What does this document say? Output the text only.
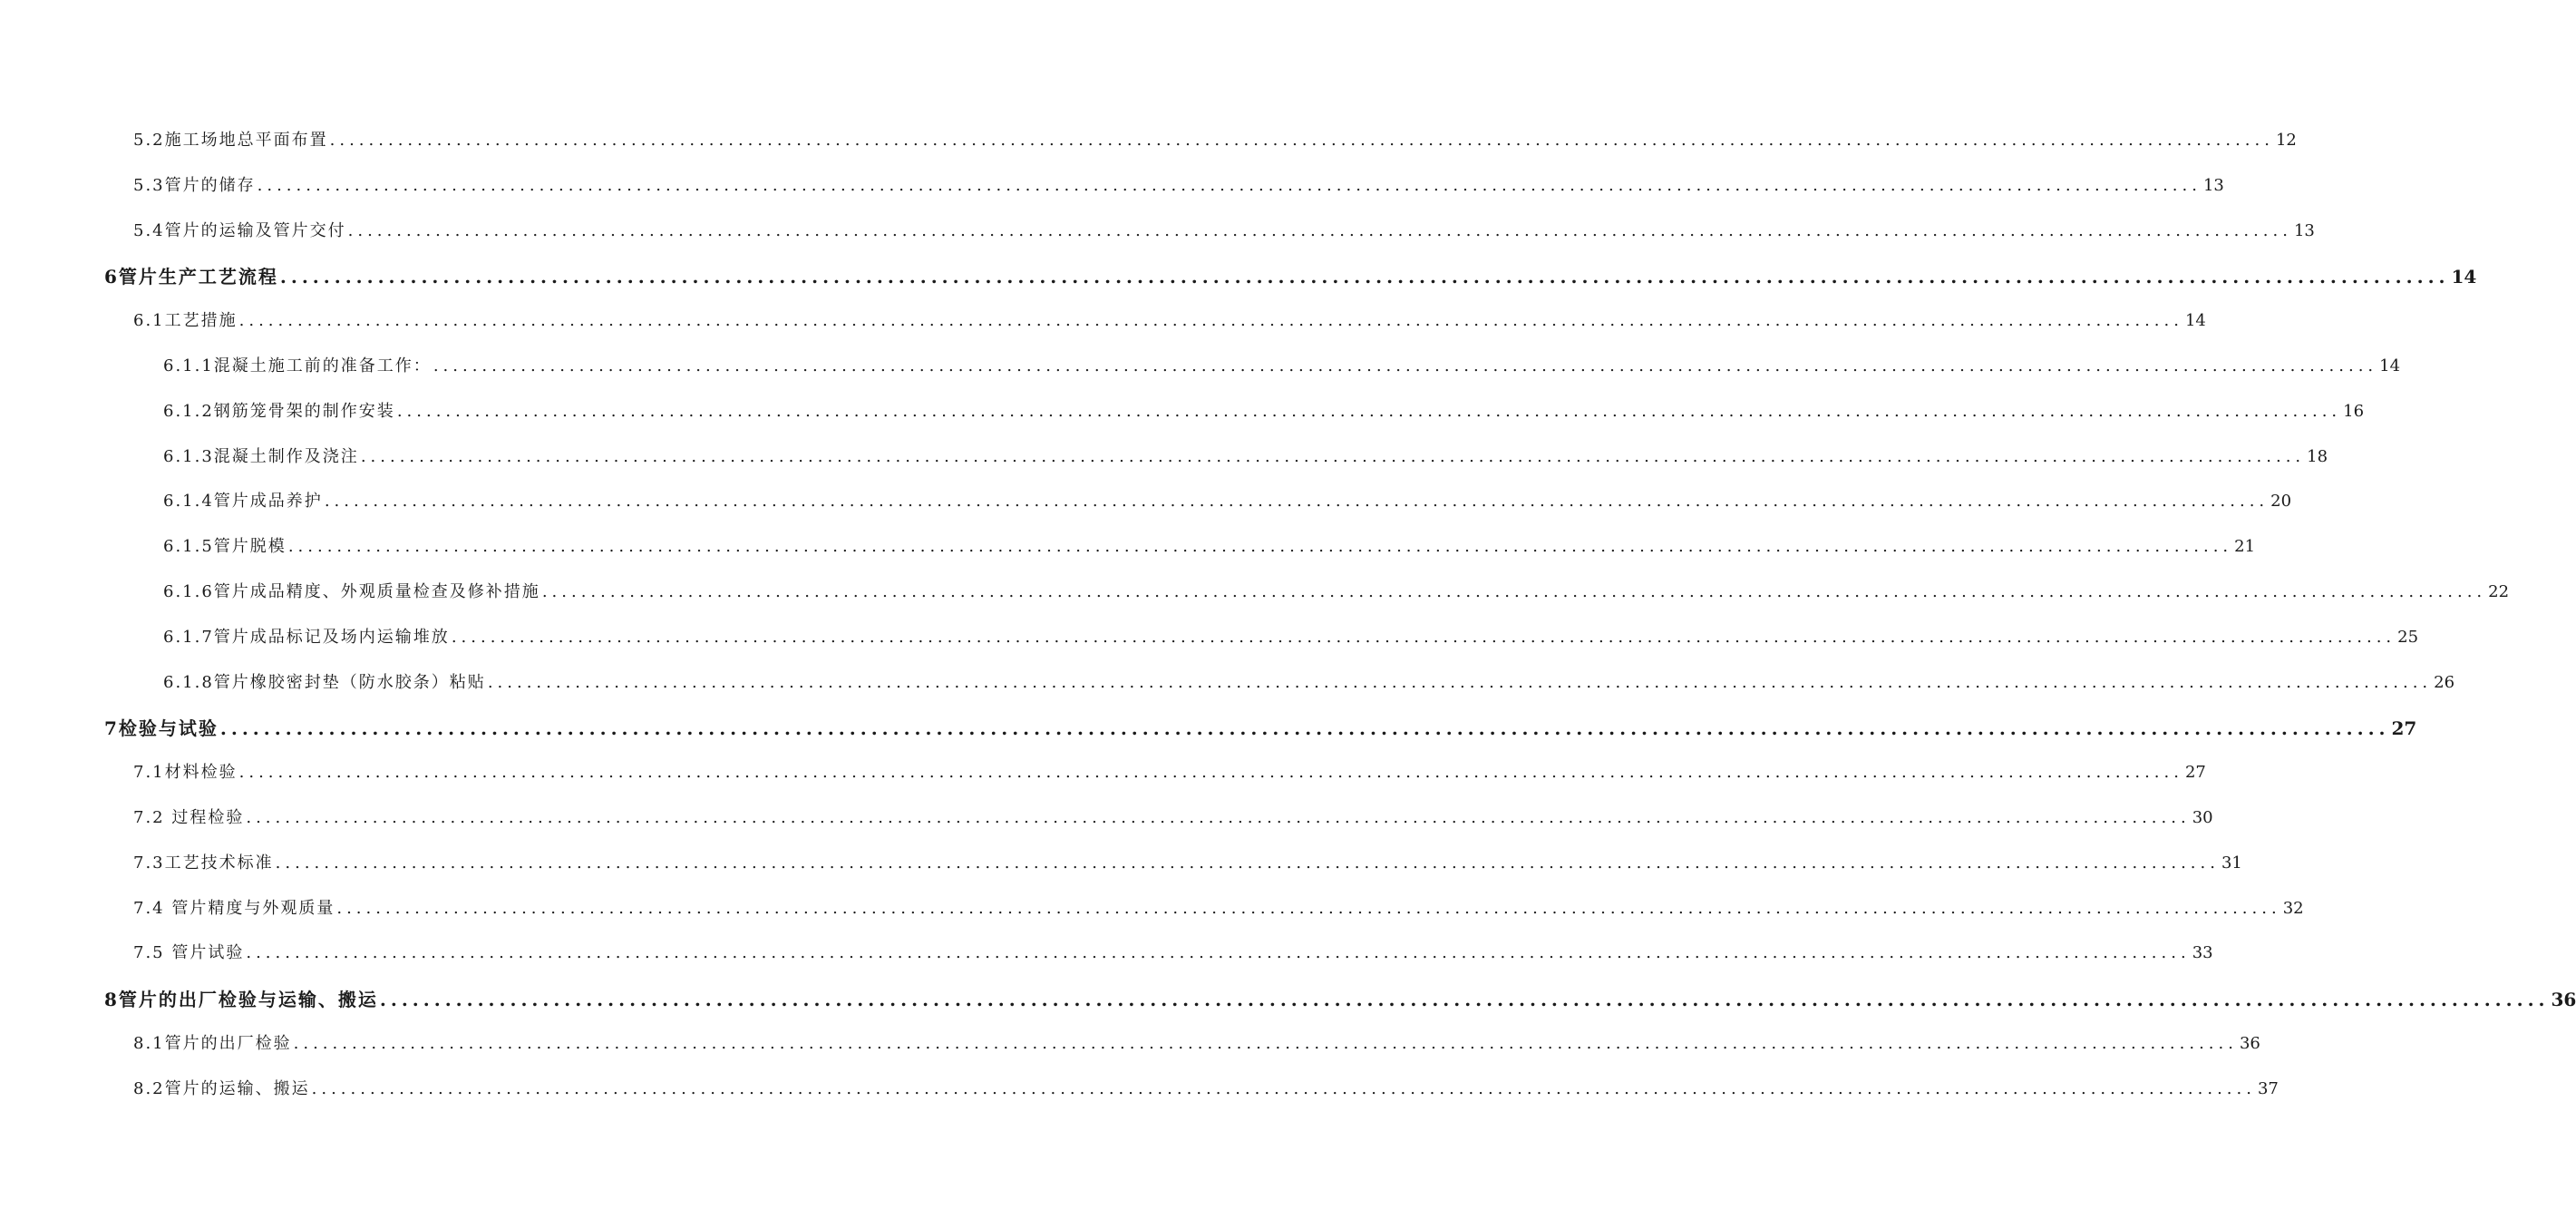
5.2施工场地总平面布置 ........................................................................................................................................................................................................ 12
5.3管片的储存 ........................................................................................................................................................................................................ 13
5.4管片的运输及管片交付 ........................................................................................................................................................................................................ 13
6管片生产工艺流程 ........................................................................................................................................................................................................ 14
6.1工艺措施 ........................................................................................................................................................................................................ 14
6.1.1混凝土施工前的准备工作： ........................................................................................................................................................................................................ 14
6.1.2钢筋笼骨架的制作安装 ........................................................................................................................................................................................................ 16
6.1.3混凝土制作及浇注 ........................................................................................................................................................................................................ 18
6.1.4管片成品养护 ........................................................................................................................................................................................................ 20
6.1.5管片脱模 ........................................................................................................................................................................................................ 21
6.1.6管片成品精度、外观质量检查及修补措施 ........................................................................................................................................................................................................ 22
6.1.7管片成品标记及场内运输堆放 ........................................................................................................................................................................................................ 25
6.1.8管片橡胶密封垫（防水胶条）粘贴 ........................................................................................................................................................................................................ 26
7检验与试验 ........................................................................................................................................................................................................ 27
7.1材料检验 ........................................................................................................................................................................................................ 27
7.2 过程检验 ........................................................................................................................................................................................................ 30
7.3工艺技术标准 ........................................................................................................................................................................................................ 31
7.4 管片精度与外观质量 ........................................................................................................................................................................................................ 32
7.5 管片试验 ........................................................................................................................................................................................................ 33
8管片的出厂检验与运输、搬运 ........................................................................................................................................................................................................ 36
8.1管片的出厂检验 ........................................................................................................................................................................................................ 36
8.2管片的运输、搬运 ........................................................................................................................................................................................................ 37
